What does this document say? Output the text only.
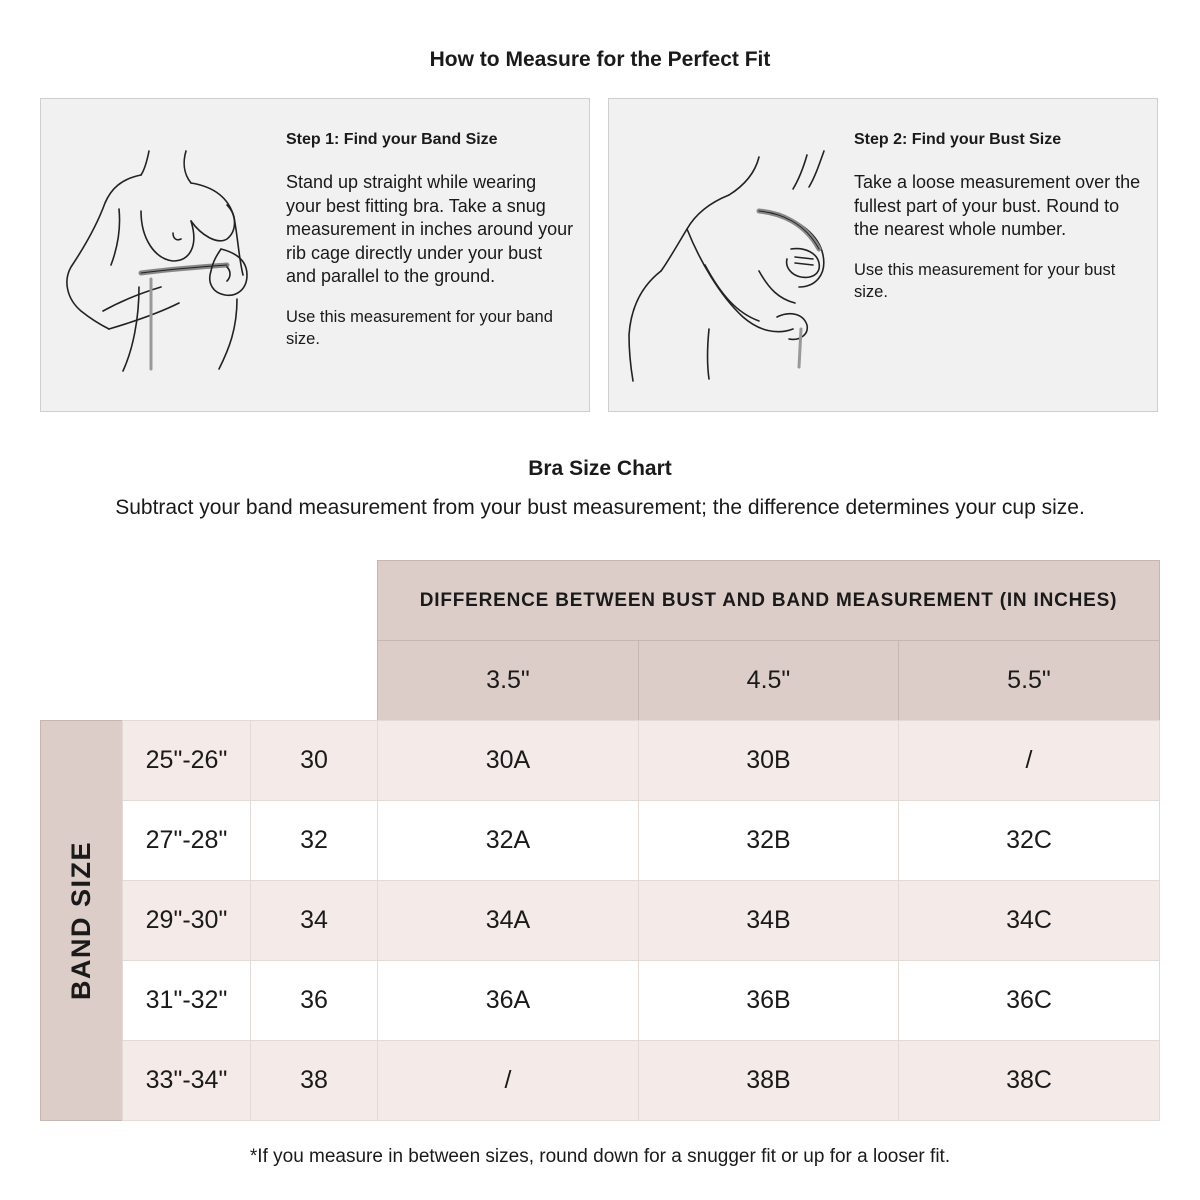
How to Measure for the Perfect Fit
Step 1: Find your Band Size
Stand up straight while wearing your best fitting bra. Take a snug measurement in inches around your rib cage directly under your bust and parallel to the ground.
Use this measurement for your band size.
Step 2: Find your Bust Size
Take a loose measurement over the fullest part of your bust. Round to the nearest whole number.
Use this measurement for your bust size.
Bra Size Chart
Subtract your band measurement from your bust measurement; the difference determines your cup size.
DIFFERENCE BETWEEN BUST AND BAND MEASUREMENT (IN INCHES)
3.5"	4.5"	5.5"
BAND SIZE
25"-26"	30	30A	30B	/
27"-28"	32	32A	32B	32C
29"-30"	34	34A	34B	34C
31"-32"	36	36A	36B	36C
33"-34"	38	/	38B	38C
*If you measure in between sizes, round down for a snugger fit or up for a looser fit.
